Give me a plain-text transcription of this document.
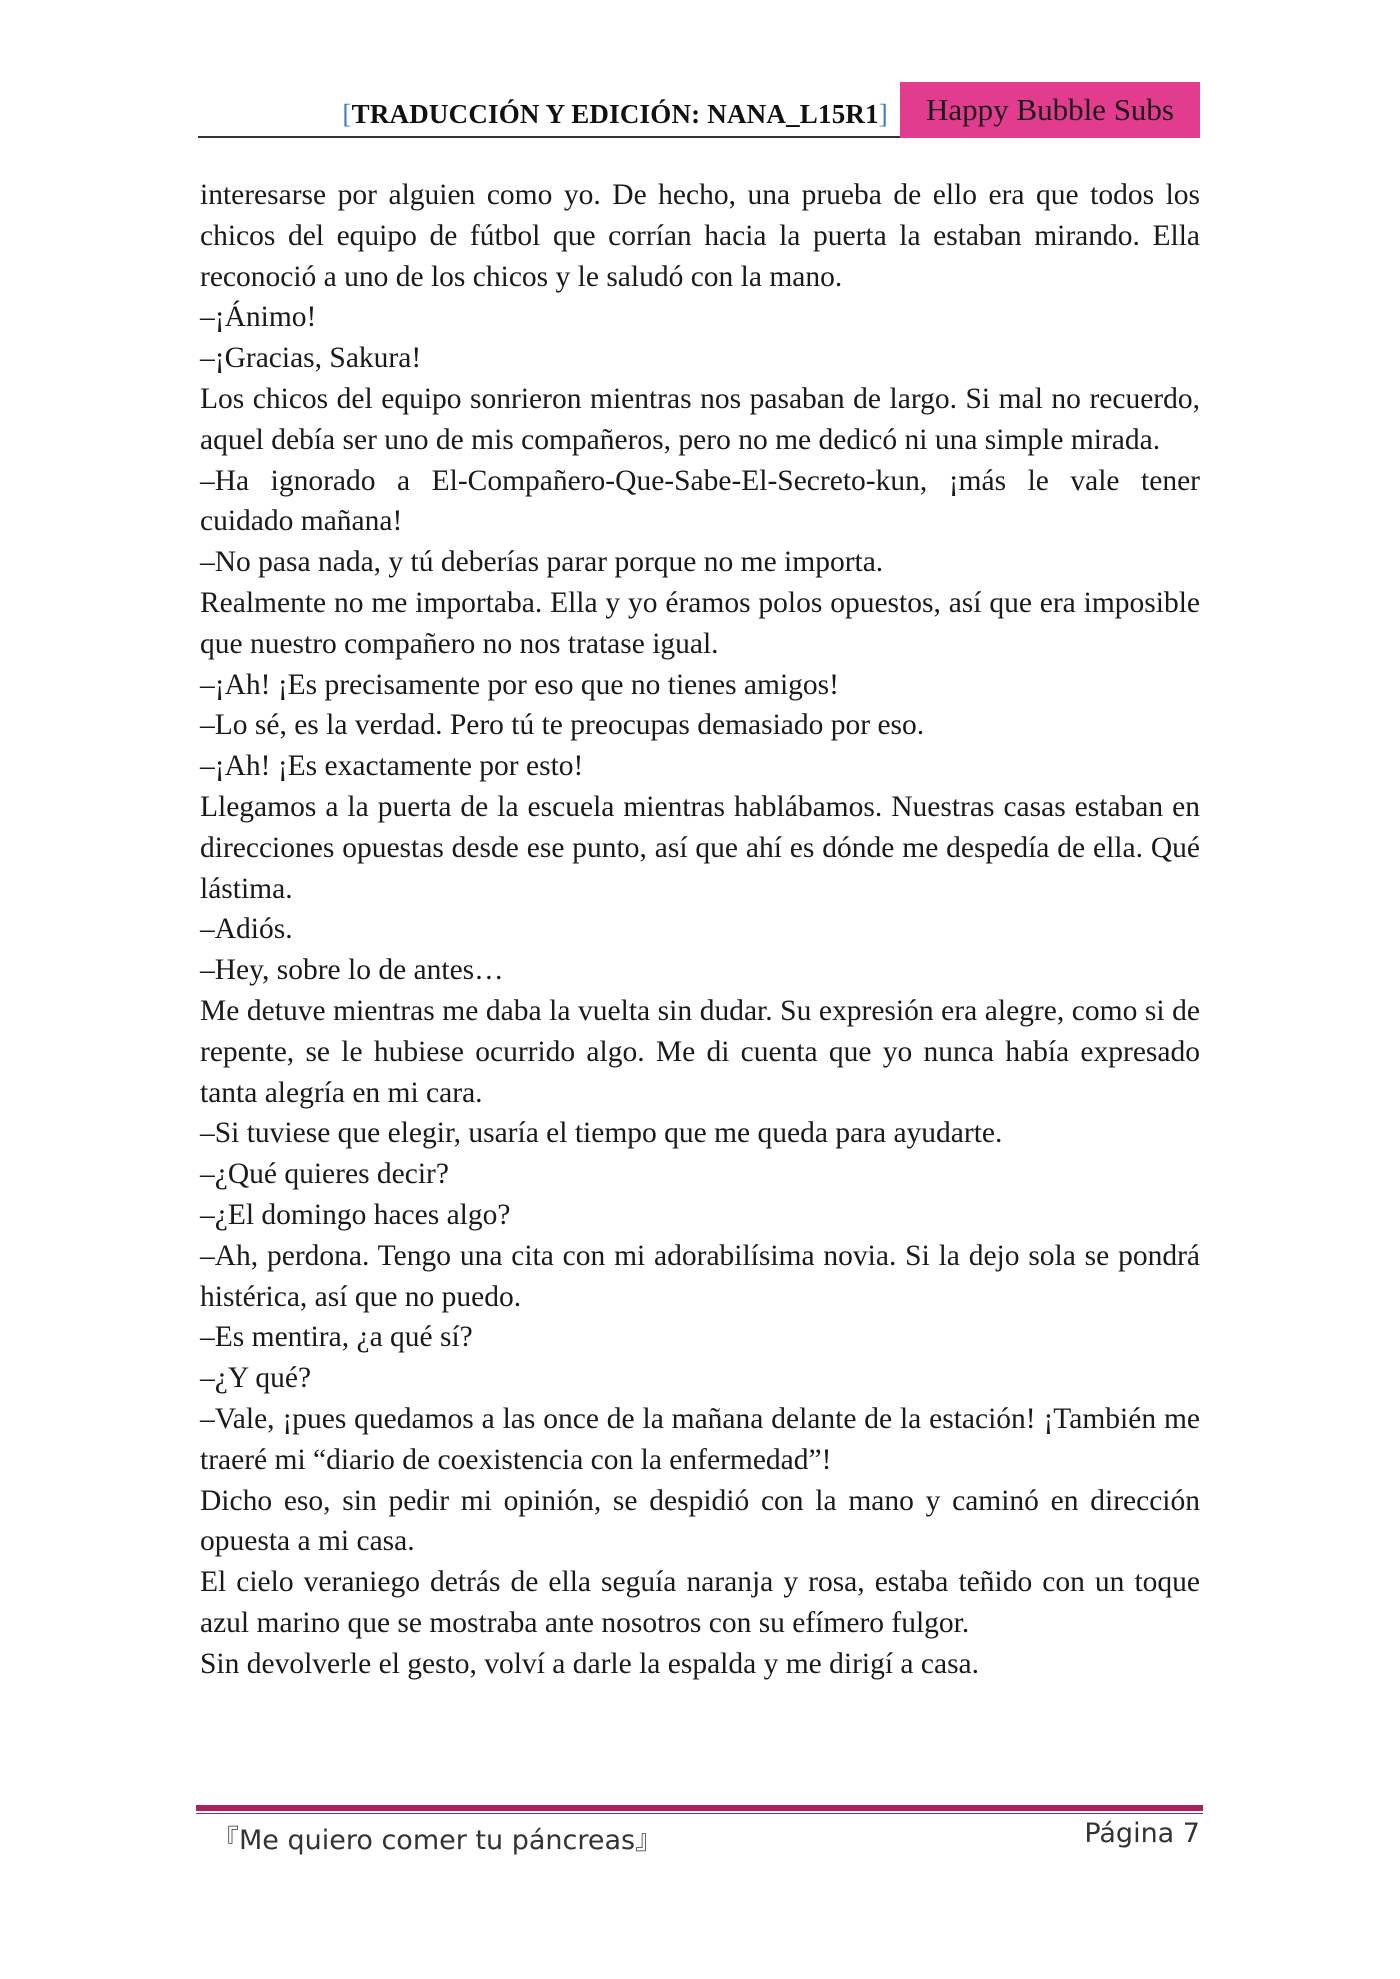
[TRADUCCIÓN Y EDICIÓN: NANA_L15R1]	Happy Bubble Subs

interesarse por alguien como yo. De hecho, una prueba de ello era que todos los chicos del equipo de fútbol que corrían hacia la puerta la estaban mirando. Ella reconoció a uno de los chicos y le saludó con la mano.

–¡Ánimo!

–¡Gracias, Sakura!

Los chicos del equipo sonrieron mientras nos pasaban de largo. Si mal no recuerdo, aquel debía ser uno de mis compañeros, pero no me dedicó ni una simple mirada.

–Ha ignorado a El-Compañero-Que-Sabe-El-Secreto-kun, ¡más le vale tener cuidado mañana!

–No pasa nada, y tú deberías parar porque no me importa.

Realmente no me importaba. Ella y yo éramos polos opuestos, así que era imposible que nuestro compañero no nos tratase igual.

–¡Ah! ¡Es precisamente por eso que no tienes amigos!

–Lo sé, es la verdad. Pero tú te preocupas demasiado por eso.

–¡Ah! ¡Es exactamente por esto!

Llegamos a la puerta de la escuela mientras hablábamos. Nuestras casas estaban en direcciones opuestas desde ese punto, así que ahí es dónde me despedía de ella. Qué lástima.

–Adiós.

–Hey, sobre lo de antes…

Me detuve mientras me daba la vuelta sin dudar. Su expresión era alegre, como si de repente, se le hubiese ocurrido algo. Me di cuenta que yo nunca había expresado tanta alegría en mi cara.

–Si tuviese que elegir, usaría el tiempo que me queda para ayudarte.

–¿Qué quieres decir?

–¿El domingo haces algo?

–Ah, perdona. Tengo una cita con mi adorabilísima novia. Si la dejo sola se pondrá histérica, así que no puedo.

–Es mentira, ¿a qué sí?

–¿Y qué?

–Vale, ¡pues quedamos a las once de la mañana delante de la estación! ¡También me traeré mi “diario de coexistencia con la enfermedad”!

Dicho eso, sin pedir mi opinión, se despidió con la mano y caminó en dirección opuesta a mi casa.

El cielo veraniego detrás de ella seguía naranja y rosa, estaba teñido con un toque azul marino que se mostraba ante nosotros con su efímero fulgor.

Sin devolverle el gesto, volví a darle la espalda y me dirigí a casa.

『Me quiero comer tu páncreas』	Página 7
